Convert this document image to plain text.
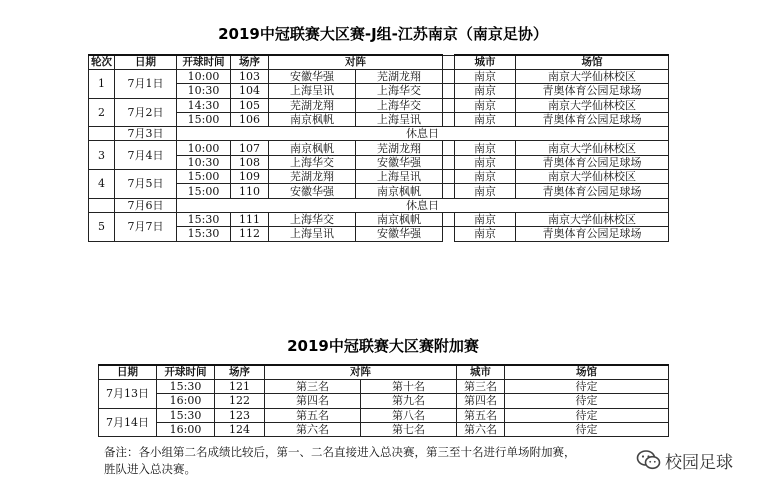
2019中冠联赛大区赛-J组-江苏南京（南京足协）
轮次	日期	开球时间	场序	对阵			城市	场馆
1	7月1日	10:00	103	安徽华强	芜湖龙翔		南京	南京大学仙林校区
		10:30	104	上海呈讯	上海华交		南京	青奥体育公园足球场
2	7月2日	14:30	105	芜湖龙翔	上海华交		南京	南京大学仙林校区
		15:00	106	南京枫帆	上海呈讯		南京	青奥体育公园足球场
	7月3日	休息日						
3	7月4日	10:00	107	南京枫帆	芜湖龙翔		南京	南京大学仙林校区
		10:30	108	上海华交	安徽华强		南京	青奥体育公园足球场
4	7月5日	15:00	109	芜湖龙翔	上海呈讯		南京	南京大学仙林校区
		15:00	110	安徽华强	南京枫帆		南京	青奥体育公园足球场
	7月6日	休息日						
5	7月7日	15:30	111	上海华交	南京枫帆		南京	南京大学仙林校区
		15:30	112	上海呈讯	安徽华强		南京	青奥体育公园足球场
2019中冠联赛大区赛附加赛
日期	开球时间	场序	对阵		城市	场馆
7月13日	15:30	121	第三名	第十名	第三名	待定
	16:00	122	第四名	第九名	第四名	待定
7月14日	15:30	123	第五名	第八名	第五名	待定
	16:00	124	第六名	第七名	第六名	待定
备注：各小组第二名成绩比较后，第一、二名直接进入总决赛，第三至十名进行单场附加赛，
胜队进入总决赛。	校园足球
